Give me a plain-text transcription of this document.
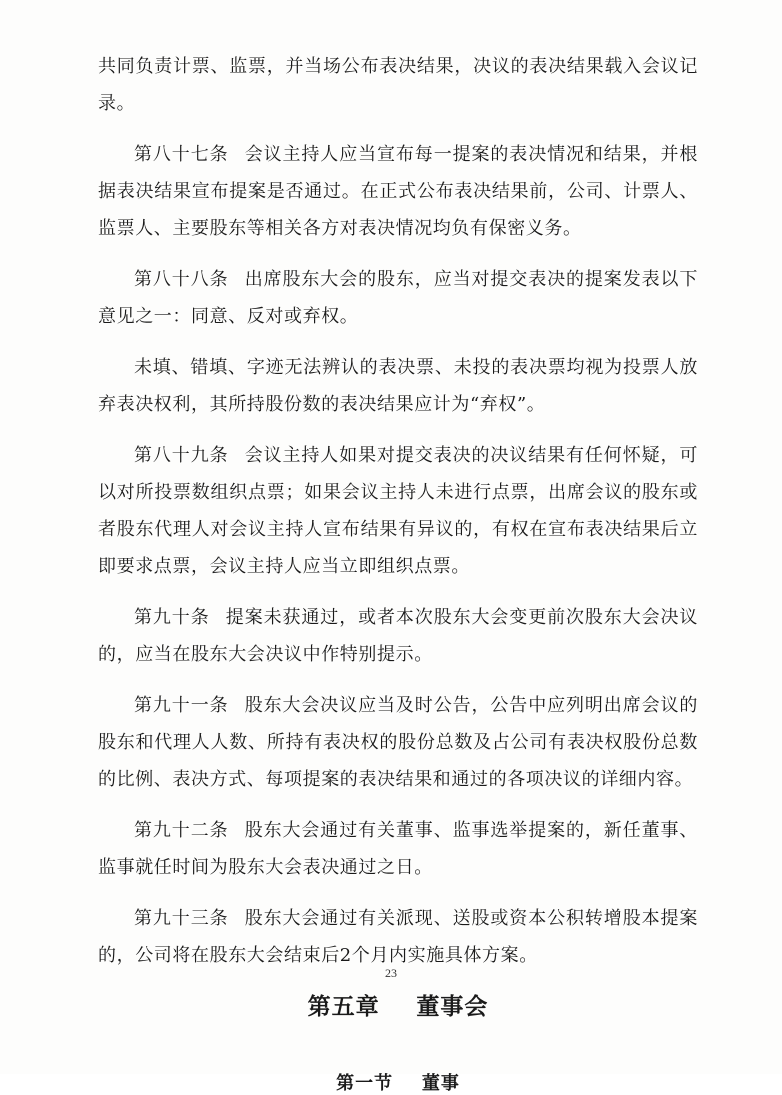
共同负责计票、监票，并当场公布表决结果，决议的表决结果载入会议记录。

第八十七条 会议主持人应当宣布每一提案的表决情况和结果，并根据表决结果宣布提案是否通过。在正式公布表决结果前，公司、计票人、监票人、主要股东等相关各方对表决情况均负有保密义务。

第八十八条 出席股东大会的股东，应当对提交表决的提案发表以下意见之一：同意、反对或弃权。

未填、错填、字迹无法辨认的表决票、未投的表决票均视为投票人放弃表决权利，其所持股份数的表决结果应计为“弃权”。

第八十九条 会议主持人如果对提交表决的决议结果有任何怀疑，可以对所投票数组织点票；如果会议主持人未进行点票，出席会议的股东或者股东代理人对会议主持人宣布结果有异议的，有权在宣布表决结果后立即要求点票，会议主持人应当立即组织点票。

第九十条 提案未获通过，或者本次股东大会变更前次股东大会决议的，应当在股东大会决议中作特别提示。

第九十一条 股东大会决议应当及时公告，公告中应列明出席会议的股东和代理人人数、所持有表决权的股份总数及占公司有表决权股份总数的比例、表决方式、每项提案的表决结果和通过的各项决议的详细内容。

第九十二条 股东大会通过有关董事、监事选举提案的，新任董事、监事就任时间为股东大会表决通过之日。

第九十三条 股东大会通过有关派现、送股或资本公积转增股本提案的，公司将在股东大会结束后2个月内实施具体方案。

第五章 董事会
第一节 董事
23
